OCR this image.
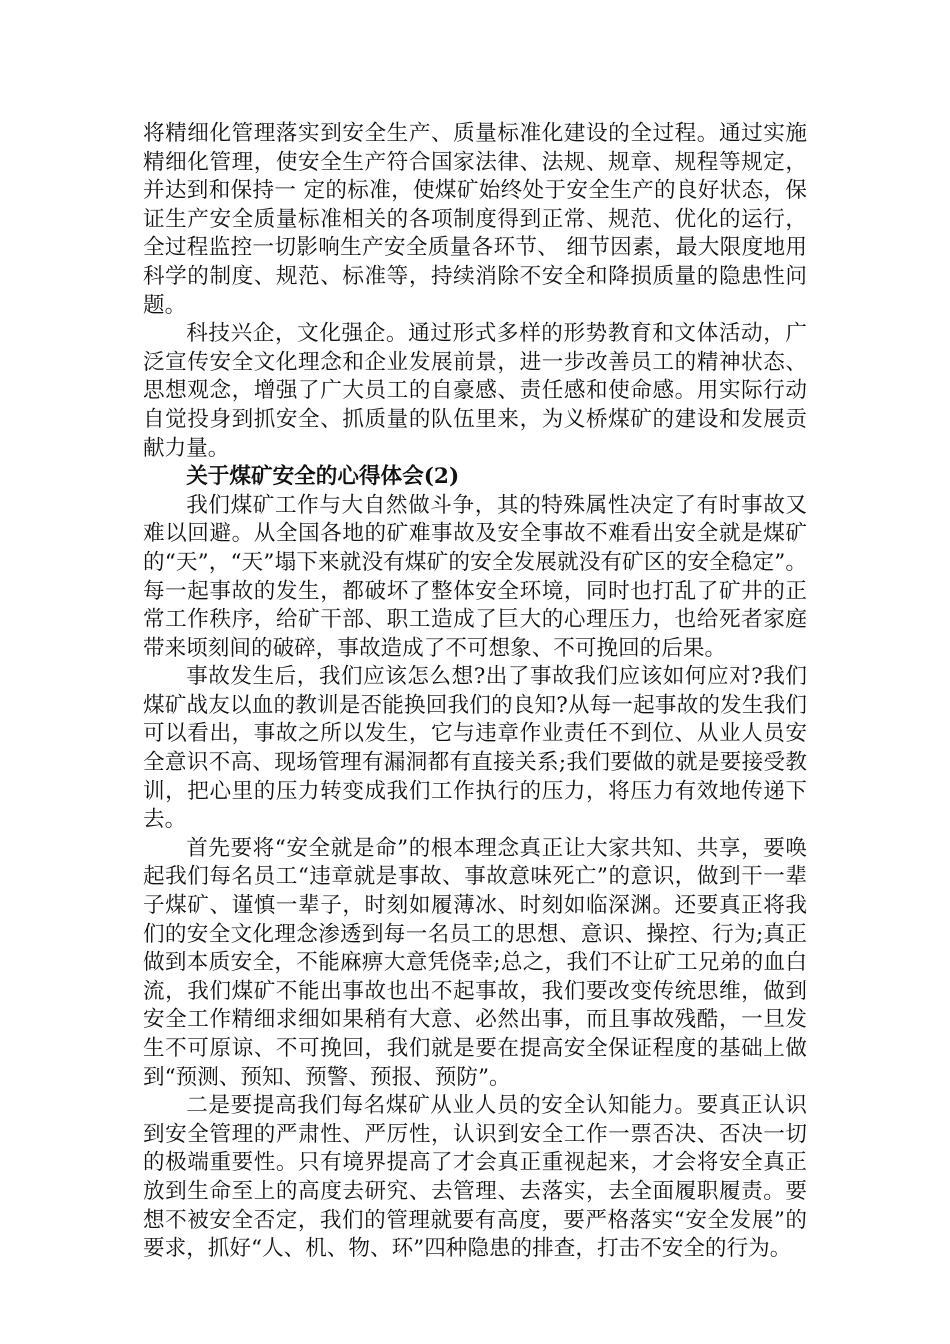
将精细化管理落实到安全生产、质量标准化建设的全过程。通过实施精细化管理，使安全生产符合国家法律、法规、规章、规程等规定，并达到和保持一 定的标准，使煤矿始终处于安全生产的良好状态，保证生产安全质量标准相关的各项制度得到正常、规范、优化的运行，全过程监控一切影响生产安全质量各环节、 细节因素，最大限度地用科学的制度、规范、标准等，持续消除不安全和降损质量的隐患性问题。

科技兴企，文化强企。通过形式多样的形势教育和文体活动，广泛宣传安全文化理念和企业发展前景，进一步改善员工的精神状态、思想观念，增强了广大员工的自豪感、责任感和使命感。用实际行动自觉投身到抓安全、抓质量的队伍里来，为义桥煤矿的建设和发展贡献力量。

关于煤矿安全的心得体会(2)

我们煤矿工作与大自然做斗争，其的特殊属性决定了有时事故又难以回避。从全国各地的矿难事故及安全事故不难看出安全就是煤矿的“天”，“天”塌下来就没有煤矿的安全发展就没有矿区的安全稳定”。每一起事故的发生，都破坏了整体安全环境，同时也打乱了矿井的正常工作秩序，给矿干部、职工造成了巨大的心理压力，也给死者家庭带来顷刻间的破碎，事故造成了不可想象、不可挽回的后果。

事故发生后，我们应该怎么想?出了事故我们应该如何应对?我们煤矿战友以血的教训是否能换回我们的良知?从每一起事故的发生我们可以看出，事故之所以发生，它与违章作业责任不到位、从业人员安全意识不高、现场管理有漏洞都有直接关系;我们要做的就是要接受教训，把心里的压力转变成我们工作执行的压力，将压力有效地传递下去。

首先要将“安全就是命”的根本理念真正让大家共知、共享，要唤起我们每名员工“违章就是事故、事故意味死亡”的意识，做到干一辈子煤矿、谨慎一辈子，时刻如履薄冰、时刻如临深渊。还要真正将我们的安全文化理念渗透到每一名员工的思想、意识、操控、行为;真正做到本质安全，不能麻痹大意凭侥幸;总之，我们不让矿工兄弟的血白流，我们煤矿不能出事故也出不起事故，我们要改变传统思维，做到安全工作精细求细如果稍有大意、必然出事，而且事故残酷，一旦发生不可原谅、不可挽回，我们就是要在提高安全保证程度的基础上做到“预测、预知、预警、预报、预防”。

二是要提高我们每名煤矿从业人员的安全认知能力。要真正认识到安全管理的严肃性、严厉性，认识到安全工作一票否决、否决一切的极端重要性。只有境界提高了才会真正重视起来，才会将安全真正放到生命至上的高度去研究、去管理、去落实，去全面履职履责。要想不被安全否定，我们的管理就要有高度，要严格落实“安全发展”的要求，抓好“人、机、物、环”四种隐患的排查，打击不安全的行为。
